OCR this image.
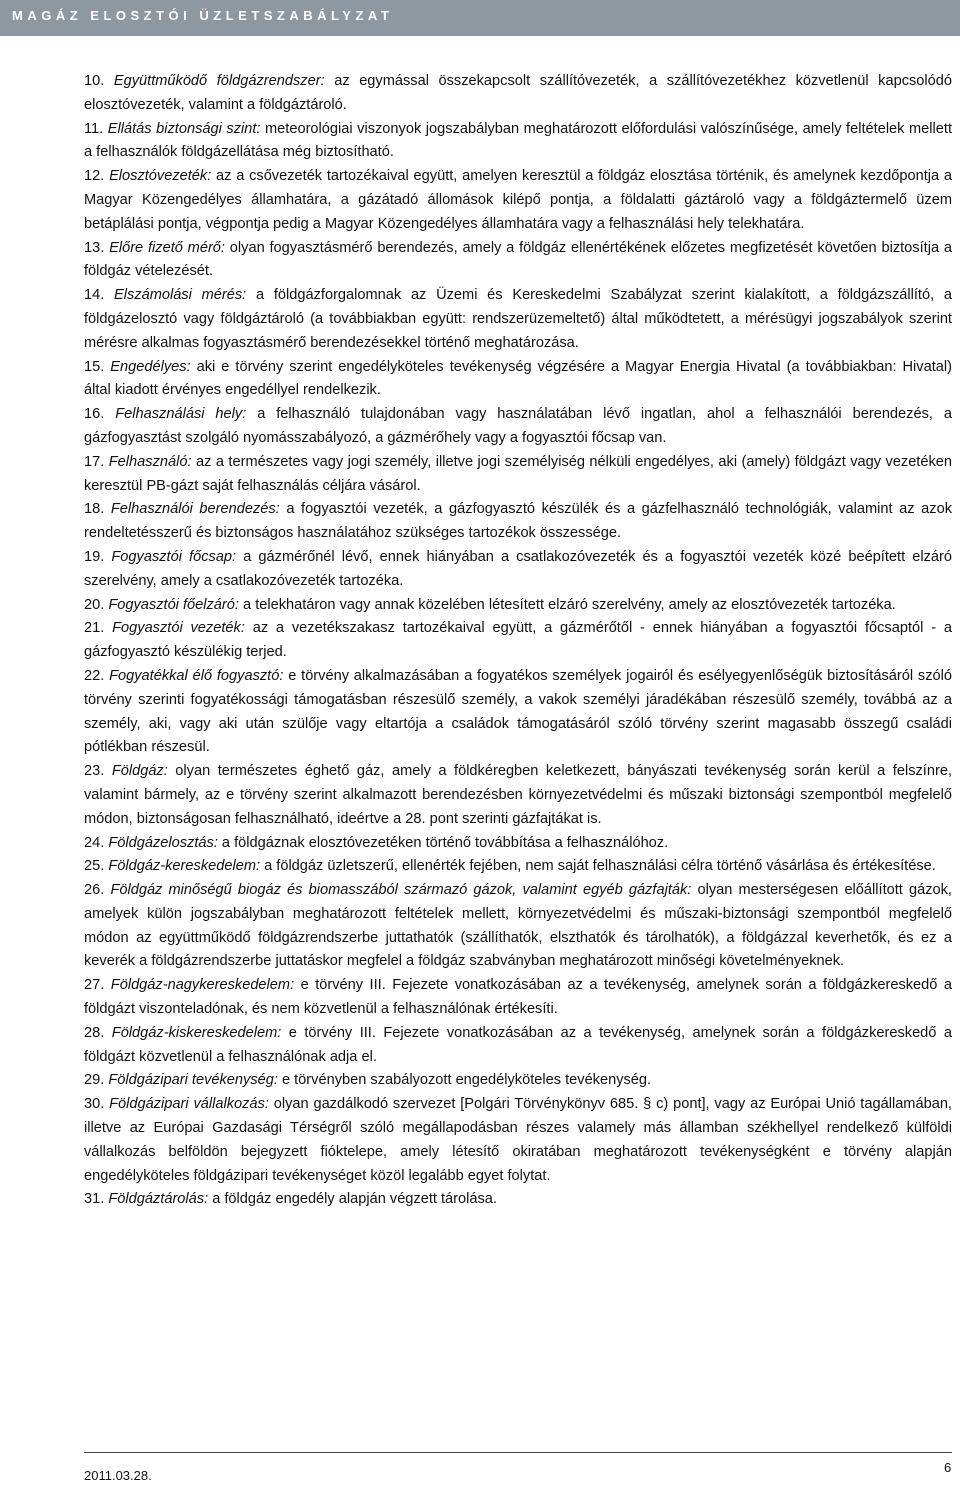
MAGÁZ ELOSZTÓI ÜZLETSZABÁLYZAT

10. Együttműködő földgázrendszer: az egymással összekapcsolt szállítóvezeték, a szállítóvezetékhez közvetlenül kapcsolódó elosztóvezeték, valamint a földgáztároló.

11. Ellátás biztonsági szint: meteorológiai viszonyok jogszabályban meghatározott előfordulási valószínűsége, amely feltételek mellett a felhasználók földgázellátása még biztosítható.

12. Elosztóvezeték: az a csővezeték tartozékaival együtt, amelyen keresztül a földgáz elosztása történik, és amelynek kezdőpontja a Magyar Közengedélyes államhatára, a gázátadó állomások kilépő pontja, a földalatti gáztároló vagy a földgáztermelő üzem betáplálási pontja, végpontja pedig a Magyar Közengedélyes államhatára vagy a felhasználási hely telekhatára.

13. Előre fizető mérő: olyan fogyasztásmérő berendezés, amely a földgáz ellenértékének előzetes megfizetését követően biztosítja a földgáz vételezését.

14. Elszámolási mérés: a földgázforgalomnak az Üzemi és Kereskedelmi Szabályzat szerint kialakított, a földgázszállító, a földgázelosztó vagy földgáztároló (a továbbiakban együtt: rendszerüzemeltető) által működtetett, a mérésügyi jogszabályok szerint mérésre alkalmas fogyasztásmérő berendezésekkel történő meghatározása.

15. Engedélyes: aki e törvény szerint engedélyköteles tevékenység végzésére a Magyar Energia Hivatal (a továbbiakban: Hivatal) által kiadott érvényes engedéllyel rendelkezik.

16. Felhasználási hely: a felhasználó tulajdonában vagy használatában lévő ingatlan, ahol a felhasználói berendezés, a gázfogyasztást szolgáló nyomásszabályozó, a gázmérőhely vagy a fogyasztói főcsap van.

17. Felhasználó: az a természetes vagy jogi személy, illetve jogi személyiség nélküli engedélyes, aki (amely) földgázt vagy vezetéken keresztül PB-gázt saját felhasználás céljára vásárol.

18. Felhasználói berendezés: a fogyasztói vezeték, a gázfogyasztó készülék és a gázfelhasználó technológiák, valamint az azok rendeltetésszerű és biztonságos használatához szükséges tartozékok összessége.

19. Fogyasztói főcsap: a gázmérőnél lévő, ennek hiányában a csatlakozóvezeték és a fogyasztói vezeték közé beépített elzáró szerelvény, amely a csatlakozóvezeték tartozéka.

20. Fogyasztói főelzáró: a telekhatáron vagy annak közelében létesített elzáró szerelvény, amely az elosztóvezeték tartozéka.

21. Fogyasztói vezeték: az a vezetékszakasz tartozékaival együtt, a gázmérőtől - ennek hiányában a fogyasztói főcsaptól - a gázfogyasztó készülékig terjed.

22. Fogyatékkal élő fogyasztó: e törvény alkalmazásában a fogyatékos személyek jogairól és esélyegyenlőségük biztosításáról szóló törvény szerinti fogyatékossági támogatásban részesülő személy, a vakok személyi járadékában részesülő személy, továbbá az a személy, aki, vagy aki után szülője vagy eltartója a családok támogatásáról szóló törvény szerint magasabb összegű családi pótlékban részesül.

23. Földgáz: olyan természetes éghető gáz, amely a földkéregben keletkezett, bányászati tevékenység során kerül a felszínre, valamint bármely, az e törvény szerint alkalmazott berendezésben környezetvédelmi és műszaki biztonsági szempontból megfelelő módon, biztonságosan felhasználható, ideértve a 28. pont szerinti gázfajtákat is.

24. Földgázelosztás: a földgáznak elosztóvezetéken történő továbbítása a felhasználóhoz.

25. Földgáz-kereskedelem: a földgáz üzletszerű, ellenérték fejében, nem saját felhasználási célra történő vásárlása és értékesítése.

26. Földgáz minőségű biogáz és biomasszából származó gázok, valamint egyéb gázfajták: olyan mesterségesen előállított gázok, amelyek külön jogszabályban meghatározott feltételek mellett, környezetvédelmi és műszaki-biztonsági szempontból megfelelő módon az együttműködő földgázrendszerbe juttathatók (szállíthatók, elszthatók és tárolhatók), a földgázzal keverhetők, és ez a keverék a földgázrendszerbe juttatáskor megfelel a földgáz szabványban meghatározott minőségi követelményeknek.

27. Földgáz-nagykereskedelem: e törvény III. Fejezete vonatkozásában az a tevékenység, amelynek során a földgázkereskedő a földgázt viszonteladónak, és nem közvetlenül a felhasználónak értékesíti.

28. Földgáz-kiskereskedelem: e törvény III. Fejezete vonatkozásában az a tevékenység, amelynek során a földgázkereskedő a földgázt közvetlenül a felhasználónak adja el.

29. Földgázipari tevékenység: e törvényben szabályozott engedélyköteles tevékenység.

30. Földgázipari vállalkozás: olyan gazdálkodó szervezet [Polgári Törvénykönyv 685. § c) pont], vagy az Európai Unió tagállamában, illetve az Európai Gazdasági Térségről szóló megállapodásban részes valamely más államban székhellyel rendelkező külföldi vállalkozás belföldön bejegyzett fióktelepe, amely létesítő okiratában meghatározott tevékenységként e törvény alapján engedélyköteles földgázipari tevékenységet közöl legalább egyet folytat.

31. Földgáztárolás: a földgáz engedély alapján végzett tárolása.

2011.03.28.
6
